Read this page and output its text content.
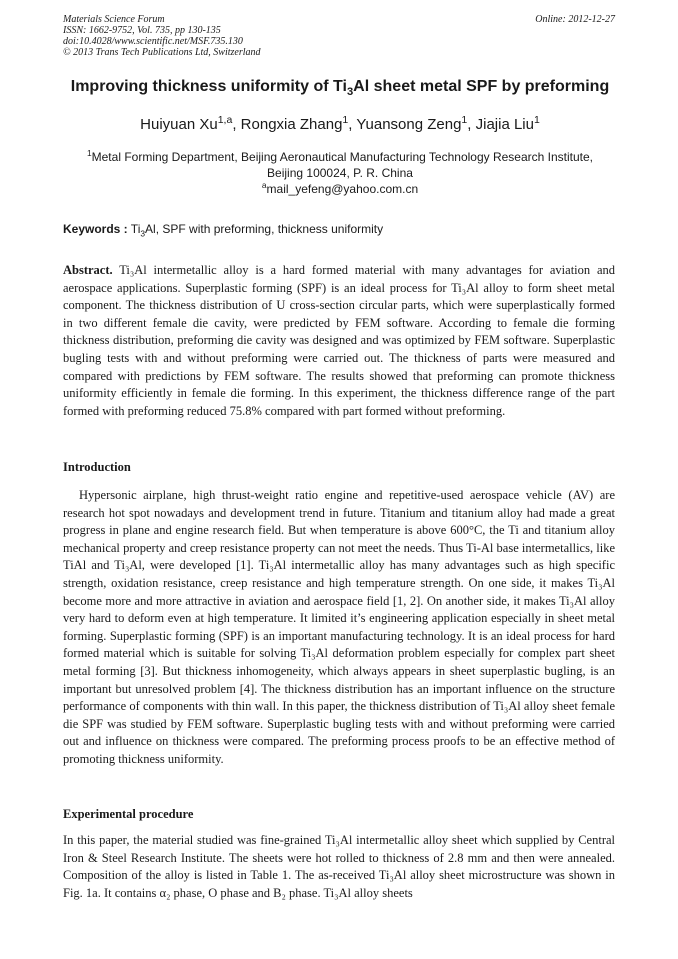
Materials Science Forum
ISSN: 1662-9752, Vol. 735, pp 130-135
doi:10.4028/www.scientific.net/MSF.735.130
© 2013 Trans Tech Publications Ltd, Switzerland
Online: 2012-12-27
Improving thickness uniformity of $Ti_3Al$ sheet metal SPF by preforming
Huiyuan Xu$^{1,a}$, Rongxia Zhang$^1$, Yuansong Zeng$^1$, Jiajia Liu$^1$
$^1$Metal Forming Department, Beijing Aeronautical Manufacturing Technology Research Institute,
Beijing 100024, P. R. China
$^a$mail_yefeng@yahoo.com.cn
Keywords : $Ti_3Al$, SPF with preforming, thickness uniformity
Abstract. Ti₃Al intermetallic alloy is a hard formed material with many advantages for aviation and aerospace applications. Superplastic forming (SPF) is an ideal process for Ti₃Al alloy to form sheet metal component. The thickness distribution of U cross-section circular parts, which were superplastically formed in two different female die cavity, were predicted by FEM software. According to female die forming thickness distribution, preforming die cavity was designed and was optimized by FEM software. Superplastic bugling tests with and without preforming were carried out. The thickness of parts were measured and compared with predictions by FEM software. The results showed that preforming can promote thickness uniformity efficiently in female die forming. In this experiment, the thickness difference range of the part formed with preforming reduced 75.8% compared with part formed without preforming.
Introduction
Hypersonic airplane, high thrust-weight ratio engine and repetitive-used aerospace vehicle (AV) are research hot spot nowadays and development trend in future. Titanium and titanium alloy had made a great progress in plane and engine research field. But when temperature is above 600°C, the Ti and titanium alloy mechanical property and creep resistance property can not meet the needs. Thus Ti-Al base intermetallics, like TiAl and Ti₃Al, were developed [1]. Ti₃Al intermetallic alloy has many advantages such as high specific strength, oxidation resistance, creep resistance and high temperature strength. On one side, it makes Ti₃Al become more and more attractive in aviation and aerospace field [1, 2]. On another side, it makes Ti₃Al alloy very hard to deform even at high temperature. It limited it’s engineering application especially in sheet metal forming. Superplastic forming (SPF) is an important manufacturing technology. It is an ideal process for hard formed material which is suitable for solving Ti₃Al deformation problem especially for complex part sheet metal forming [3]. But thickness inhomogeneity, which always appears in sheet superplastic bugling, is an important but unresolved problem [4]. The thickness distribution has an important influence on the structure performance of components with thin wall. In this paper, the thickness distribution of Ti₃Al alloy sheet female die SPF was studied by FEM software. Superplastic bugling tests with and without preforming were carried out and influence on thickness were compared. The preforming process proofs to be an effective method of promoting thickness uniformity.
Experimental procedure
In this paper, the material studied was fine-grained Ti₃Al intermetallic alloy sheet which supplied by Central Iron & Steel Research Institute. The sheets were hot rolled to thickness of 2.8 mm and then were annealed. Composition of the alloy is listed in Table 1. The as-received Ti₃Al alloy sheet microstructure was shown in Fig. 1a. It contains α₂ phase, O phase and B₂ phase. Ti₃Al alloy sheets
